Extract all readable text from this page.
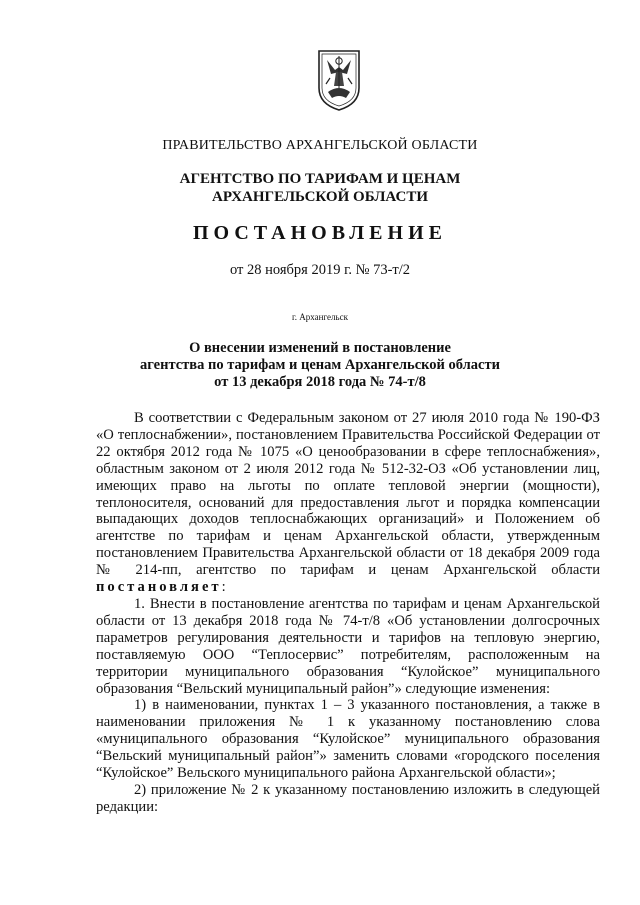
ПРАВИТЕЛЬСТВО АРХАНГЕЛЬСКОЙ ОБЛАСТИ
АГЕНТСТВО ПО ТАРИФАМ И ЦЕНАМ
АРХАНГЕЛЬСКОЙ ОБЛАСТИ
ПОСТАНОВЛЕНИЕ
от 28 ноября 2019 г. № 73-т/2
г. Архангельск
О внесении изменений в постановление
агентства по тарифам и ценам Архангельской области
от 13 декабря 2018 года № 74-т/8

В соответствии с Федеральным законом от 27 июля 2010 года № 190-ФЗ «О теплоснабжении», постановлением Правительства Российской Федерации от 22 октября 2012 года № 1075 «О ценообразовании в сфере теплоснабжения», областным законом от 2 июля 2012 года № 512-32-ОЗ «Об установлении лиц, имеющих право на льготы по оплате тепловой энергии (мощности), теплоносителя, оснований для предоставления льгот и порядка компенсации выпадающих доходов теплоснабжающих организаций» и Положением об агентстве по тарифам и ценам Архангельской области, утвержденным постановлением Правительства Архангельской области от 18 декабря 2009 года № 214-пп, агентство по тарифам и ценам Архангельской области постановляет:

1. Внести в постановление агентства по тарифам и ценам Архангельской области от 13 декабря 2018 года № 74-т/8 «Об установлении долгосрочных параметров регулирования деятельности и тарифов на тепловую энергию, поставляемую ООО “Теплосервис” потребителям, расположенным на территории муниципального образования “Кулойское” муниципального образования “Вельский муниципальный район”» следующие изменения:

1) в наименовании, пунктах 1 – 3 указанного постановления, а также в наименовании приложения № 1 к указанному постановлению слова «муниципального образования “Кулойское” муниципального образования “Вельский муниципальный район”» заменить словами «городского поселения “Кулойское” Вельского муниципального района Архангельской области»;

2) приложение № 2 к указанному постановлению изложить в следующей редакции:
